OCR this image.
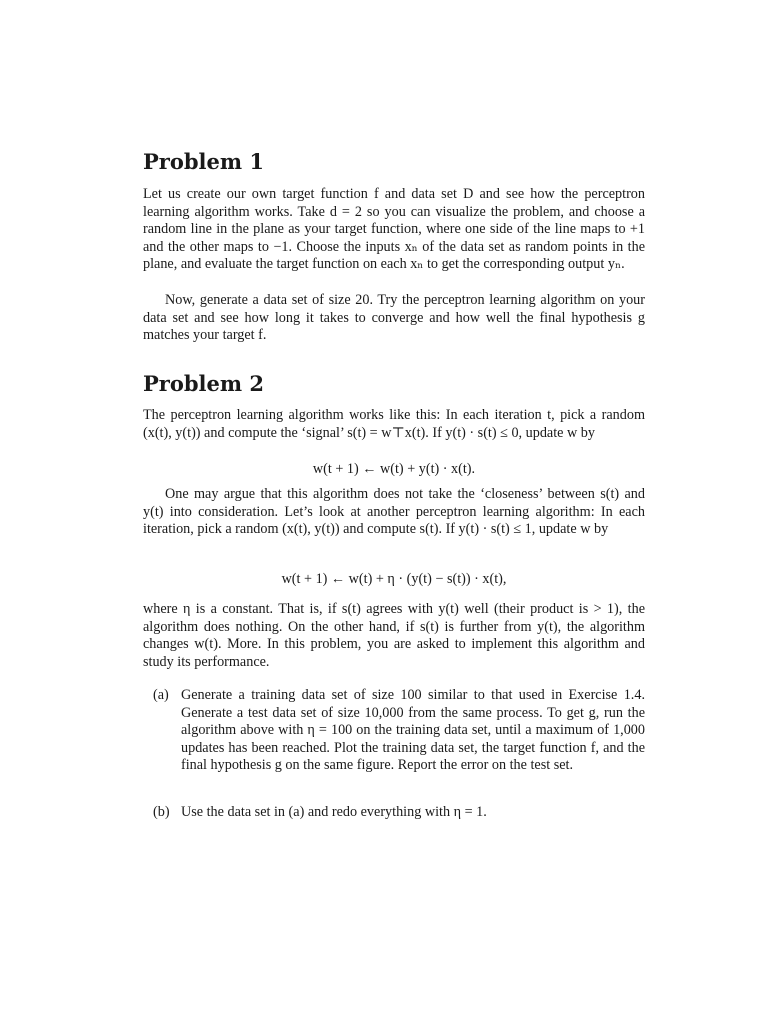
Problem 1

Let us create our own target function f and data set D and see how the perceptron learning algorithm works. Take d = 2 so you can visualize the problem, and choose a random line in the plane as your target function, where one side of the line maps to +1 and the other maps to −1. Choose the inputs xₙ of the data set as random points in the plane, and evaluate the target function on each xₙ to get the corresponding output yₙ.

Now, generate a data set of size 20. Try the perceptron learning algorithm on your data set and see how long it takes to converge and how well the final hypothesis g matches your target f.

Problem 2

The perceptron learning algorithm works like this: In each iteration t, pick a random (x(t), y(t)) and compute the ‘signal’ s(t) = w⊤x(t). If y(t) · s(t) ≤ 0, update w by

w(t + 1) ← w(t) + y(t) · x(t).

One may argue that this algorithm does not take the ‘closeness’ between s(t) and y(t) into consideration. Let’s look at another perceptron learning algorithm: In each iteration, pick a random (x(t), y(t)) and compute s(t). If y(t) · s(t) ≤ 1, update w by

w(t + 1) ← w(t) + η · (y(t) − s(t)) · x(t),

where η is a constant. That is, if s(t) agrees with y(t) well (their product is > 1), the algorithm does nothing. On the other hand, if s(t) is further from y(t), the algorithm changes w(t). More. In this problem, you are asked to implement this algorithm and study its performance.

(a) Generate a training data set of size 100 similar to that used in Exercise 1.4. Generate a test data set of size 10,000 from the same process. To get g, run the algorithm above with η = 100 on the training data set, until a maximum of 1,000 updates has been reached. Plot the training data set, the target function f, and the final hypothesis g on the same figure. Report the error on the test set.
(b) Use the data set in (a) and redo everything with η = 1.
